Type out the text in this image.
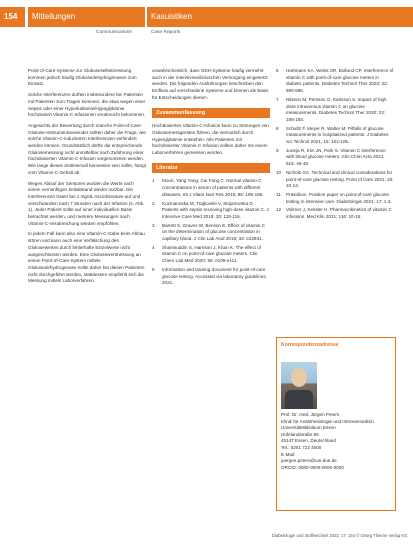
154	Mitteilungen	Kasuistiken
Communications	Case Reports

Point-of-Care-Systeme zur Glukoseselbstmessung kommen jedoch häufig Glukosedehydrogenasen zum Einsatz.

Solche Interferenzen durften insbesondere bei Patienten mit Patienten zum Tragen kommen, die etwa wegen einer Sepsis oder einer Hyperkaliämie/Hypoglykämie hochdosiert Vitamin-C-Infusionen verabreicht bekommen.

Angesichts der Bewertung durch manche Point-of-Care-Glukose-Instrumentanwender sollten daher die Frage, wie solche Vitamin-C-induzierten Interferenzen verhindert werden können. Grundsätzlich dürfte die entsprechende Glukosemessung nicht unmittelbar nach Zuführung einer hochdosierten Vitamin-C-Infusion vorgenommen werden. Wie lange dieses Zeitintervall bemessen sein sollte, hängt vom Vitamin-C-Gehalt ab.

Wegen Ablauf der Sensoren wurden die Werte nach einem vernünftigen Zeitabstand wieder nutzbar. Die Interferenzen traten bei 1 mg/dL Ascorbinsäure auf und verschwanden nach 7 Stunden nach der Infusion (s. Abb. 1). Jeder Patient sollte auf einer individuellen Basis betrachtet werden, und mehrere Messungen nach Vitamin-C-Verabreichung werden empfohlen.

In jedem Fall kann also eine Vitamin-C-Gabe beim Abbau stören und kann auch eine Verfälschung des Glukosewertes durch fehlerhafte Einzelwerte nicht ausgeschlossen werden. Eine Glukosewertmessung an einem Point-of-Care-System mittels Glukosedehydrogenase sollte daher bei diesen Patienten nicht durchgeführt werden, stattdessen empfiehlt sich die Messung mittels Laborverfahren.

unwahrscheinlich, dass GDH-Systeme häufig vermehrt auch in der intensivmedizinischen Versorgung eingesetzt werden. Die folgenden Ausführungen beschreiben den Einfluss auf verschiedene Systeme und können als Basis für Entscheidungen dienen.

Zusammenfassung

Hochdosiertes Vitamin-C-Infusion kann zu Störungen von Glukosemessgeräten führen, die vermutlich durch Hyperglykämie entstehen. Alle Patienten mit hochdosierter Vitamin-C-Infusion sollten daher mit einem Laborverfahren gemessen werden.

Literatur
1 Mouri, Yang Yang, Cai Fang C. Normal vitamin C concentrations in serum of patients with different diseases. Int J Vitam Nutr Res 2016; 86: 195-196.
2 Kuzmanoska M, Trajkovski V, Stojanovska D. Patients with sepsis receiving high-dose vitamin C. J Intensive Care Med 2018; 33: 115-116.
3 Barrett S, Graves W, Benson E. Effect of vitamin C on the determination of glucose concentration in capillary blood. J Clin Lab Anal 2019; 33: e22931.
4 Shamsuddin S, Harrison J, Khan K. The effect of vitamin C on point-of-care glucose meters. Clin Chem Lab Med 2020; 58: e109-e111.
5 Information and training document for point-of-care glucose testing. Accessed via laboratory guidelines, 2021.
6 Hartmann KA, Weiss SR, Bolland CP. Interference of vitamin C with point-of-care glucose meters in diabetic patients. Diabetes Technol Ther 2020; 22: 590-595.
7 Nilsson M, Persson G, Karlsson S. Impact of high dose intravenous vitamin C on glucose measurements. Diabetes Technol Ther 2020; 22: 188-193.
8 Schultz F, Meyer R, Walter M. Pitfalls of glucose measurements in hospitalized patients. J Diabetes Sci Technol 2021; 15: 102-105.
9 Juneja R, Kim JN, Park S. Vitamin C interference with blood glucose meters. Clin Chim Acta 2021; 515: 46-49.
10 Nichols GA. Technical and clinical considerations for point-of-care glucose testing. Point of Care 2021; 20: 10-13.
11 Präsidium. Position paper on point-of-care glucose testing in intensive care. Diabetologie 2021; 17: 1-3.
12 Vollmer J, Kessler H. Pharmacokinetics of vitamin C infusions. Med Klin 2021; 116: 10-15.
Korrespondenzadresse
Prof. Dr. med. Jürgen Peters
Klinik für Anästhesiologie und Intensivmedizin
Universitätsklinikum Essen
Hufelandstraße 55
45147 Essen, Deutschland
Tel.: 0201 723 4500
E-Mail:
juergen.peters@uni-due.de
ORCID: 0000-0000-0000-0000
Diabetologie und Stoffwechsel 2022; 17: 154 © Georg Thieme Verlag KG
